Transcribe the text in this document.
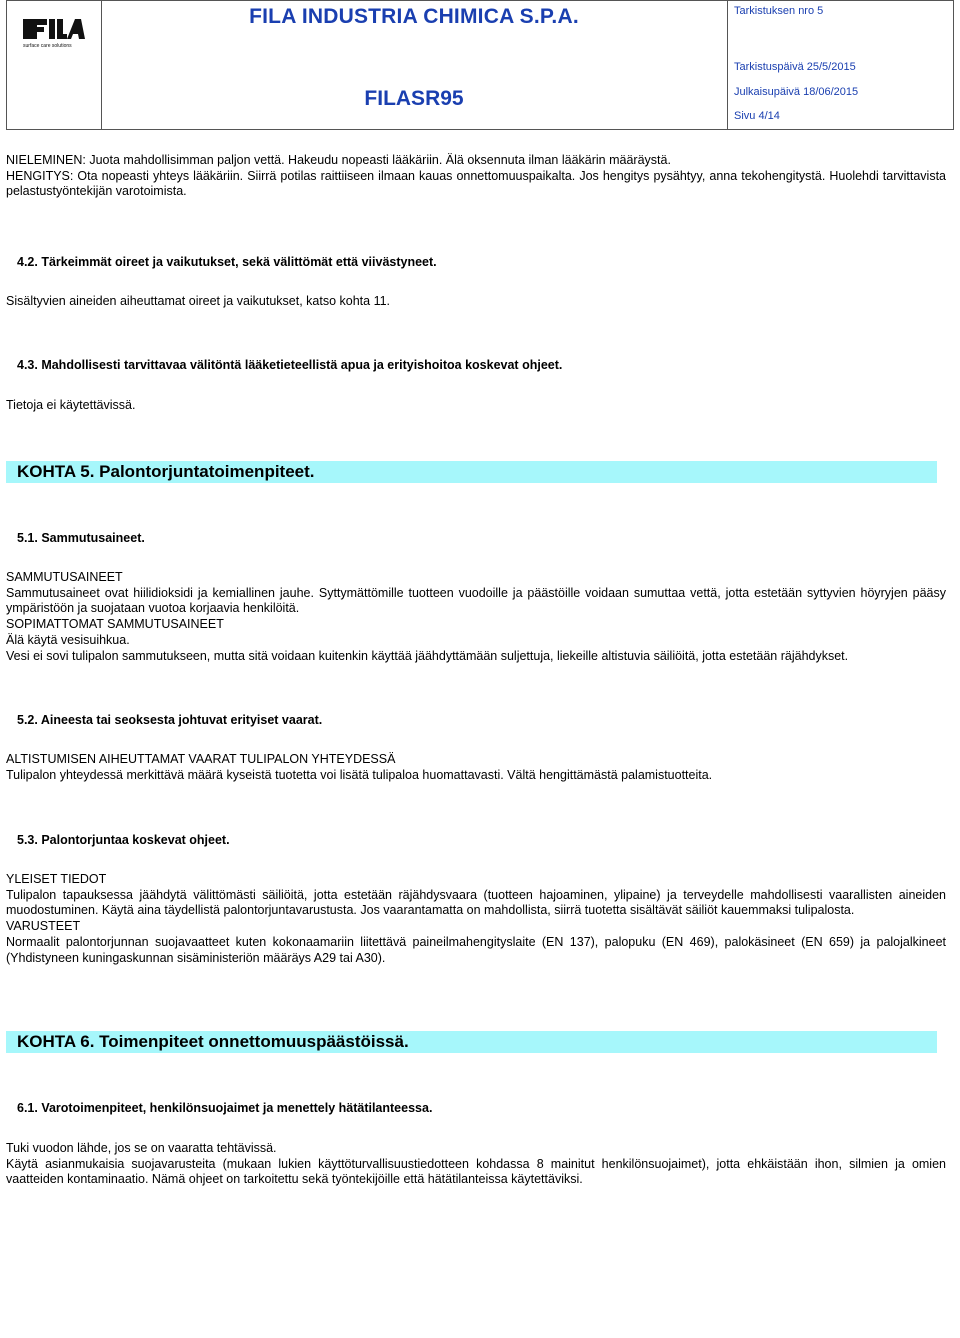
surface care solutions
FILA INDUSTRIA CHIMICA S.P.A.
FILASR95
Tarkistuksen nro 5
Tarkistuspäivä 25/5/2015
Julkaisupäivä 18/06/2015
Sivu 4/14

NIELEMINEN: Juota mahdollisimman paljon vettä. Hakeudu nopeasti lääkäriin. Älä oksennuta ilman lääkärin määräystä.

HENGITYS: Ota nopeasti yhteys lääkäriin. Siirrä potilas raittiiseen ilmaan kauas onnettomuuspaikalta. Jos hengitys pysähtyy, anna tekohengitystä. Huolehdi tarvittavista pelastustyöntekijän varotoimista.

4.2. Tärkeimmät oireet ja vaikutukset, sekä välittömät että viivästyneet.
Sisältyvien aineiden aiheuttamat oireet ja vaikutukset, katso kohta 11.
4.3. Mahdollisesti tarvittavaa välitöntä lääketieteellistä apua ja erityishoitoa koskevat ohjeet.
Tietoja ei käytettävissä.
KOHTA 5. Palontorjuntatoimenpiteet.
5.1. Sammutusaineet.

SAMMUTUSAINEET

Sammutusaineet ovat hiilidioksidi ja kemiallinen jauhe. Syttymättömille tuotteen vuodoille ja päästöille voidaan sumuttaa vettä, jotta estetään syttyvien höyryjen pääsy ympäristöön ja suojataan vuotoa korjaavia henkilöitä.

SOPIMATTOMAT SAMMUTUSAINEET

Älä käytä vesisuihkua.

Vesi ei sovi tulipalon sammutukseen, mutta sitä voidaan kuitenkin käyttää jäähdyttämään suljettuja, liekeille altistuvia säiliöitä, jotta estetään räjähdykset.

5.2. Aineesta tai seoksesta johtuvat erityiset vaarat.

ALTISTUMISEN AIHEUTTAMAT VAARAT TULIPALON YHTEYDESSÄ

Tulipalon yhteydessä merkittävä määrä kyseistä tuotetta voi lisätä tulipaloa huomattavasti. Vältä hengittämästä palamistuotteita.

5.3. Palontorjuntaa koskevat ohjeet.

YLEISET TIEDOT

Tulipalon tapauksessa jäähdytä välittömästi säiliöitä, jotta estetään räjähdysvaara (tuotteen hajoaminen, ylipaine) ja terveydelle mahdollisesti vaarallisten aineiden muodostuminen. Käytä aina täydellistä palontorjuntavarustusta. Jos vaarantamatta on mahdollista, siirrä tuotetta sisältävät säiliöt kauemmaksi tulipalosta.

VARUSTEET

Normaalit palontorjunnan suojavaatteet kuten kokonaamariin liitettävä paineilmahengityslaite (EN 137), palopuku (EN 469), palokäsineet (EN 659) ja palojalkineet (Yhdistyneen kuningaskunnan sisäministeriön määräys A29 tai A30).

KOHTA 6. Toimenpiteet onnettomuuspäästöissä.
6.1. Varotoimenpiteet, henkilönsuojaimet ja menettely hätätilanteessa.

Tuki vuodon lähde, jos se on vaaratta tehtävissä.

Käytä asianmukaisia suojavarusteita (mukaan lukien käyttöturvallisuustiedotteen kohdassa 8 mainitut henkilönsuojaimet), jotta ehkäistään ihon, silmien ja omien vaatteiden kontaminaatio. Nämä ohjeet on tarkoitettu sekä työntekijöille että hätätilanteissa käytettäviksi.
